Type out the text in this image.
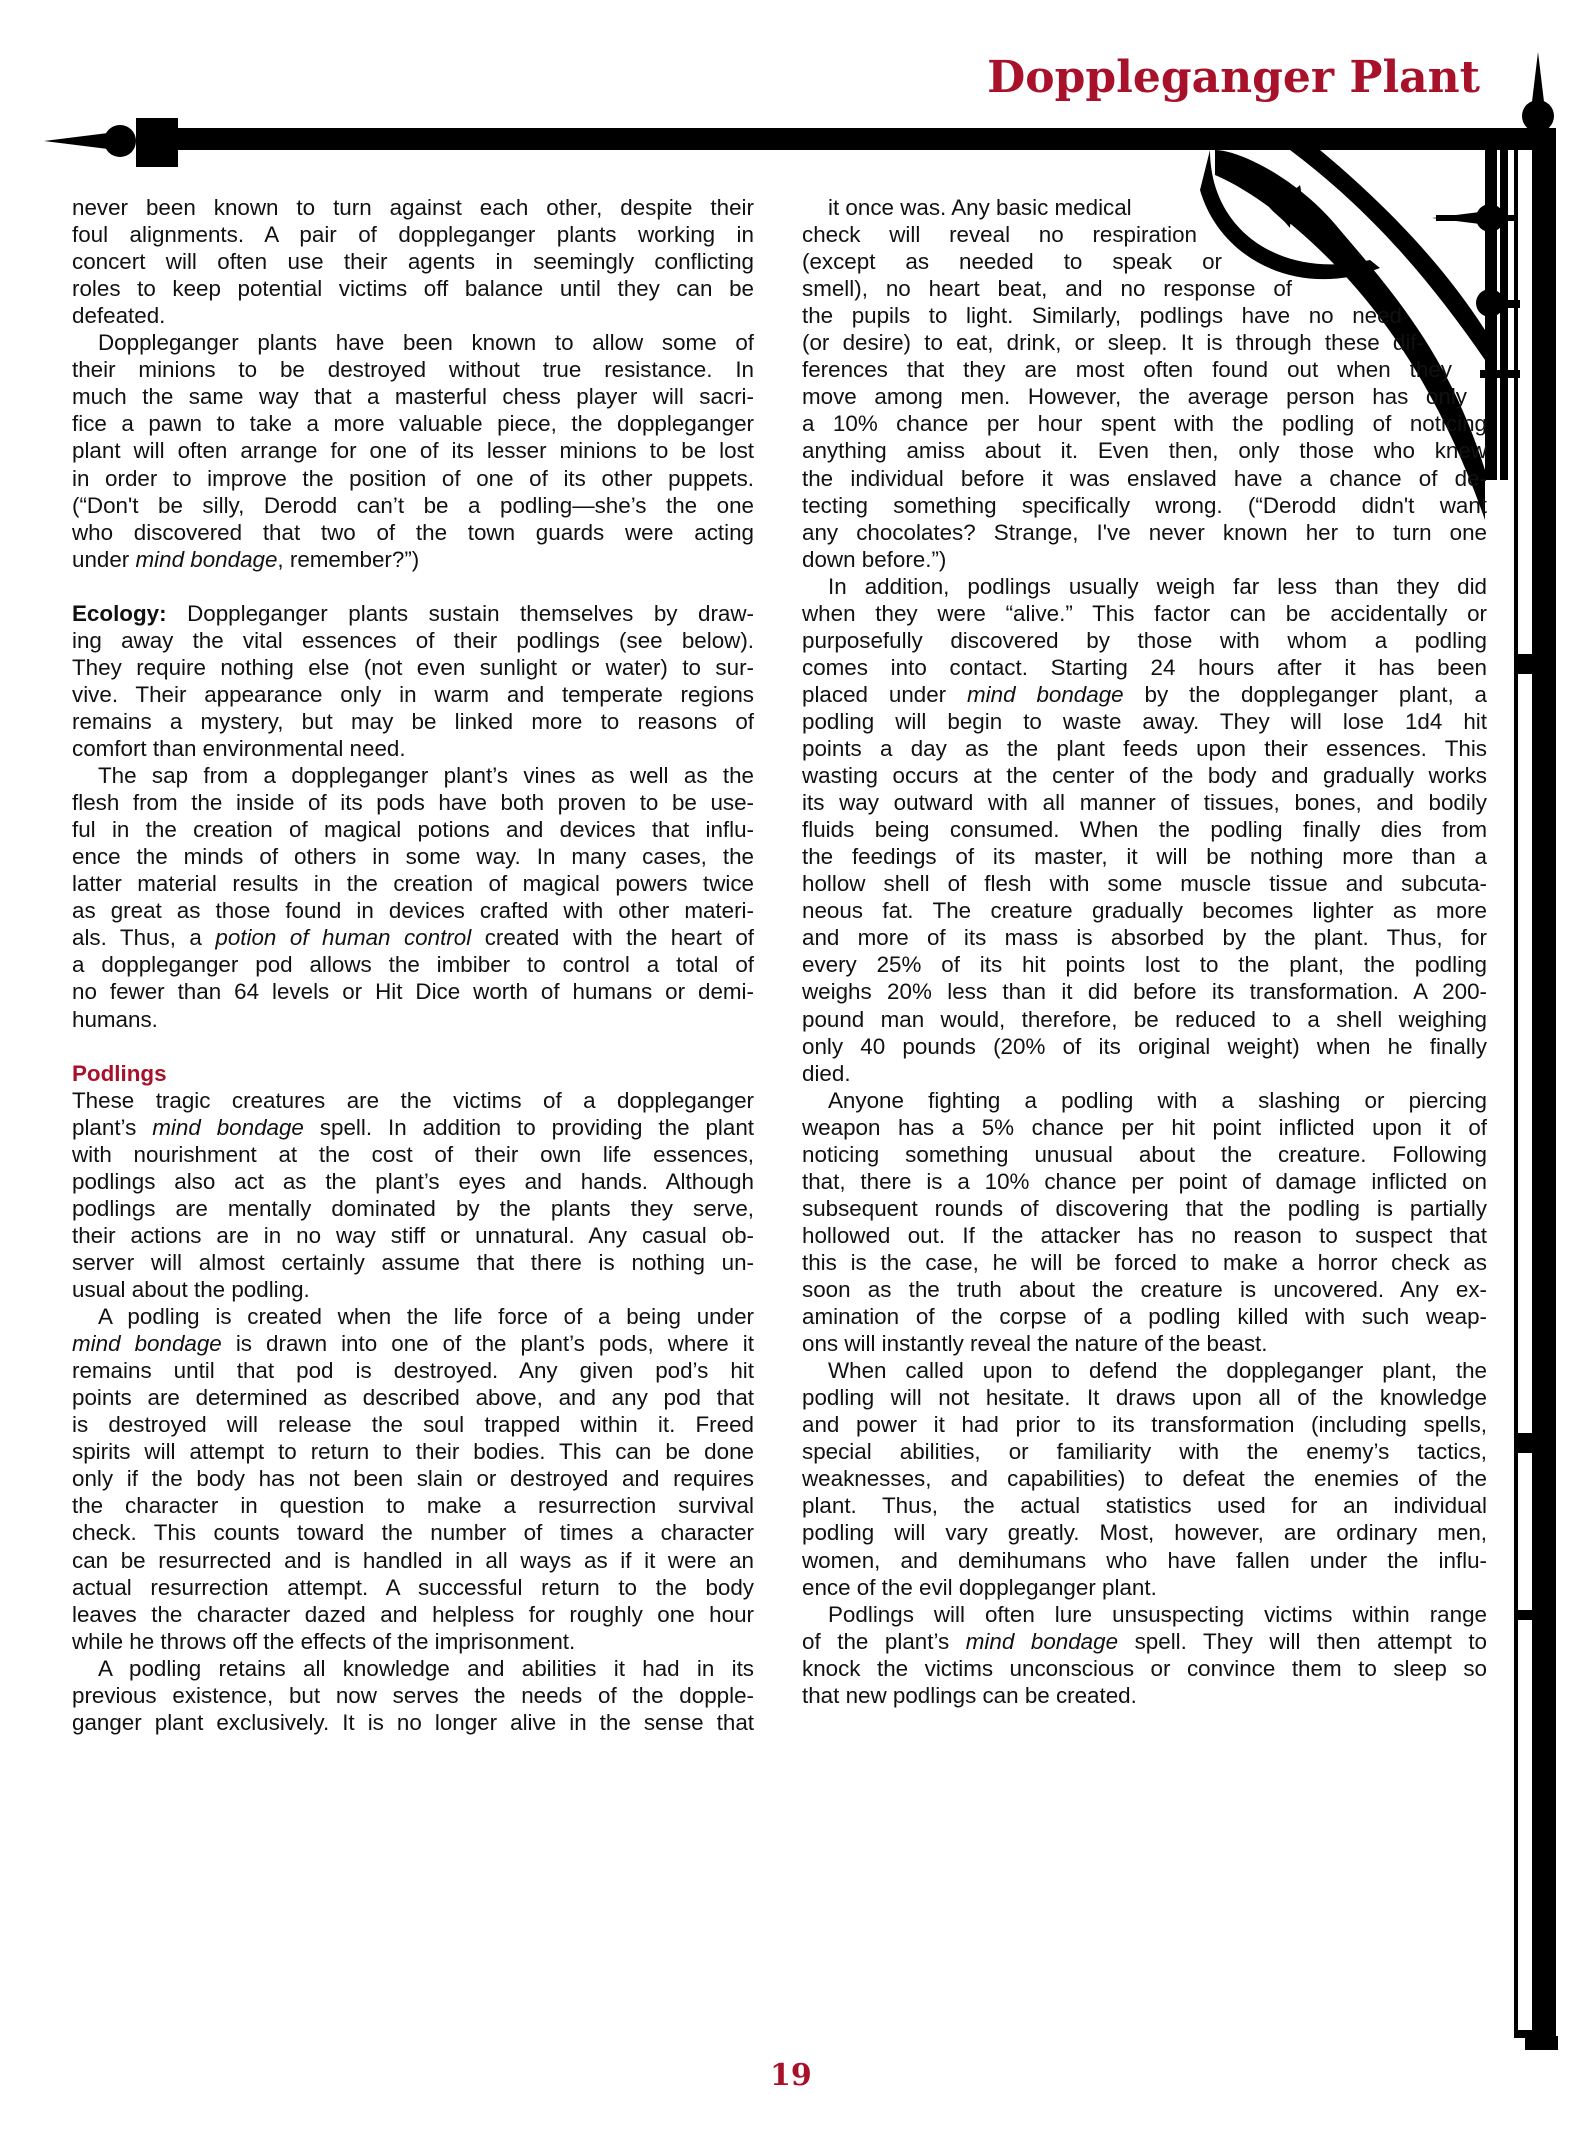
Doppleganger Plant
never been known to turn against each other, despite their
foul alignments. A pair of doppleganger plants working in
concert will often use their agents in seemingly conflicting
roles to keep potential victims off balance until they can be
defeated.
Doppleganger plants have been known to allow some of
their minions to be destroyed without true resistance. In
much the same way that a masterful chess player will sacri-
fice a pawn to take a more valuable piece, the doppleganger
plant will often arrange for one of its lesser minions to be lost
in order to improve the position of one of its other puppets.
(“Don't be silly, Derodd can’t be a podling—she’s the one
who discovered that two of the town guards were acting
under mind bondage, remember?”)
Ecology: Doppleganger plants sustain themselves by draw-
ing away the vital essences of their podlings (see below).
They require nothing else (not even sunlight or water) to sur-
vive. Their appearance only in warm and temperate regions
remains a mystery, but may be linked more to reasons of
comfort than environmental need.
The sap from a doppleganger plant’s vines as well as the
flesh from the inside of its pods have both proven to be use-
ful in the creation of magical potions and devices that influ-
ence the minds of others in some way. In many cases, the
latter material results in the creation of magical powers twice
as great as those found in devices crafted with other materi-
als. Thus, a potion of human control created with the heart of
a doppleganger pod allows the imbiber to control a total of
no fewer than 64 levels or Hit Dice worth of humans or demi-
humans.
Podlings
These tragic creatures are the victims of a doppleganger
plant’s mind bondage spell. In addition to providing the plant
with nourishment at the cost of their own life essences,
podlings also act as the plant’s eyes and hands. Although
podlings are mentally dominated by the plants they serve,
their actions are in no way stiff or unnatural. Any casual ob-
server will almost certainly assume that there is nothing un-
usual about the podling.
A podling is created when the life force of a being under
mind bondage is drawn into one of the plant’s pods, where it
remains until that pod is destroyed. Any given pod’s hit
points are determined as described above, and any pod that
is destroyed will release the soul trapped within it. Freed
spirits will attempt to return to their bodies. This can be done
only if the body has not been slain or destroyed and requires
the character in question to make a resurrection survival
check. This counts toward the number of times a character
can be resurrected and is handled in all ways as if it were an
actual resurrection attempt. A successful return to the body
leaves the character dazed and helpless for roughly one hour
while he throws off the effects of the imprisonment.
A podling retains all knowledge and abilities it had in its
previous existence, but now serves the needs of the dopple-
ganger plant exclusively. It is no longer alive in the sense that
it once was. Any basic medical
check will reveal no respiration
(except as needed to speak or
smell), no heart beat, and no response of
the pupils to light. Similarly, podlings have no need
(or desire) to eat, drink, or sleep. It is through these dif-
ferences that they are most often found out when they
move among men. However, the average person has only
a 10% chance per hour spent with the podling of noticing
anything amiss about it. Even then, only those who knew
the individual before it was enslaved have a chance of de-
tecting something specifically wrong. (“Derodd didn't want
any chocolates? Strange, I've never known her to turn one
down before.”)
In addition, podlings usually weigh far less than they did
when they were “alive.” This factor can be accidentally or
purposefully discovered by those with whom a podling
comes into contact. Starting 24 hours after it has been
placed under mind bondage by the doppleganger plant, a
podling will begin to waste away. They will lose 1d4 hit
points a day as the plant feeds upon their essences. This
wasting occurs at the center of the body and gradually works
its way outward with all manner of tissues, bones, and bodily
fluids being consumed. When the podling finally dies from
the feedings of its master, it will be nothing more than a
hollow shell of flesh with some muscle tissue and subcuta-
neous fat. The creature gradually becomes lighter as more
and more of its mass is absorbed by the plant. Thus, for
every 25% of its hit points lost to the plant, the podling
weighs 20% less than it did before its transformation. A 200-
pound man would, therefore, be reduced to a shell weighing
only 40 pounds (20% of its original weight) when he finally
died.
Anyone fighting a podling with a slashing or piercing
weapon has a 5% chance per hit point inflicted upon it of
noticing something unusual about the creature. Following
that, there is a 10% chance per point of damage inflicted on
subsequent rounds of discovering that the podling is partially
hollowed out. If the attacker has no reason to suspect that
this is the case, he will be forced to make a horror check as
soon as the truth about the creature is uncovered. Any ex-
amination of the corpse of a podling killed with such weap-
ons will instantly reveal the nature of the beast.
When called upon to defend the doppleganger plant, the
podling will not hesitate. It draws upon all of the knowledge
and power it had prior to its transformation (including spells,
special abilities, or familiarity with the enemy’s tactics,
weaknesses, and capabilities) to defeat the enemies of the
plant. Thus, the actual statistics used for an individual
podling will vary greatly. Most, however, are ordinary men,
women, and demihumans who have fallen under the influ-
ence of the evil doppleganger plant.
Podlings will often lure unsuspecting victims within range
of the plant’s mind bondage spell. They will then attempt to
knock the victims unconscious or convince them to sleep so
that new podlings can be created.
19
